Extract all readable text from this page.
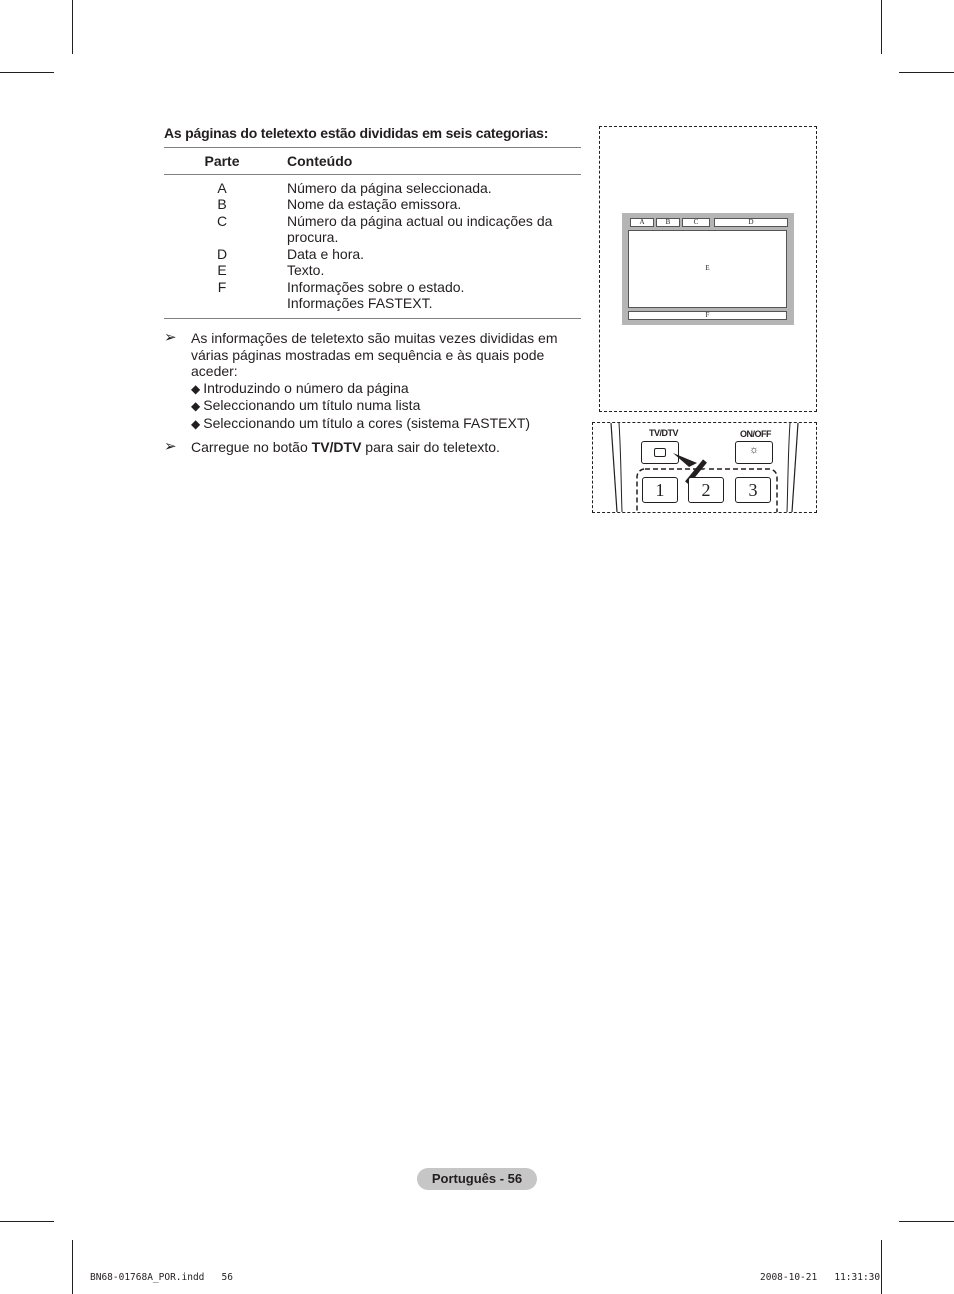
As páginas do teletexto estão divididas em seis categorias:
Parte	Conteúdo
A	Número da página seleccionada.
B	Nome da estação emissora.
C	Número da página actual ou indicações da procura.
D	Data e hora.
E	Texto.
F	Informações sobre o estado.
	Informações FASTEXT.
➢ As informações de teletexto são muitas vezes divididas em várias páginas mostradas em sequência e às quais pode aceder:
◆ Introduzindo o número da página
◆ Seleccionando um título numa lista
◆ Seleccionando um título a cores (sistema FASTEXT)
➢ Carregue no botão TV/DTV para sair do teletexto.
A	B	C	D
E
F
TV/DTV	ON/OFF
☼
1	2	3
Português - 56
BN68-01768A_POR.indd   56	2008-10-21   11:31:30
